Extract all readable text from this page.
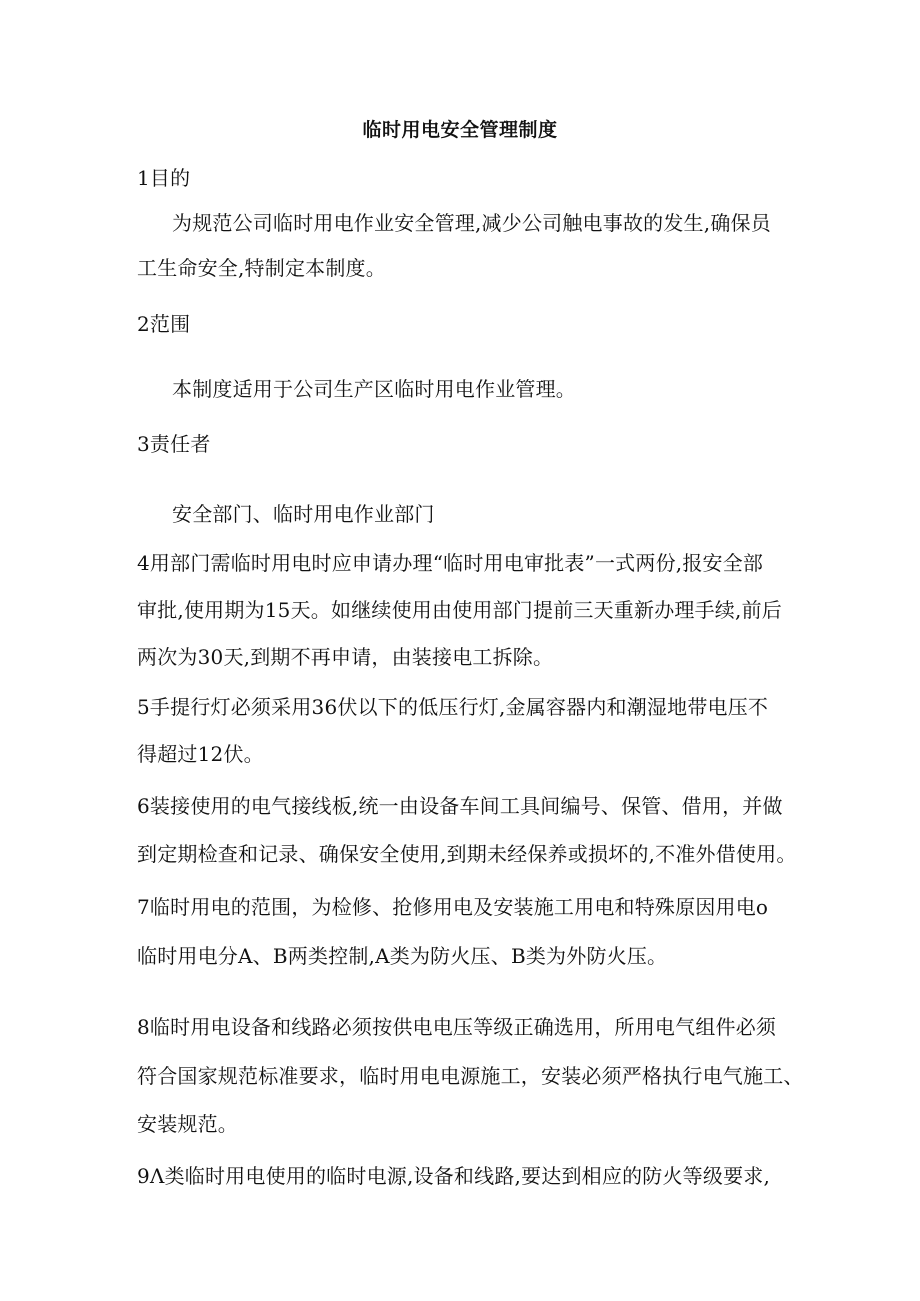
临时用电安全管理制度
1目的
为规范公司临时用电作业安全管理,减少公司触电事故的发生,确保员
工生命安全,特制定本制度。
2范围
本制度适用于公司生产区临时用电作业管理。
3责任者
安全部门、临时用电作业部门
4用部门需临时用电时应申请办理“临时用电审批表”一式两份,报安全部
审批,使用期为15天。如继续使用由使用部门提前三天重新办理手续,前后
两次为30天,到期不再申请，由装接电工拆除。
5手提行灯必须采用36伏以下的低压行灯,金属容器内和潮湿地带电压不
得超过12伏。
6装接使用的电气接线板,统一由设备车间工具间编号、保管、借用，并做
到定期检查和记录、确保安全使用,到期未经保养或损坏的,不准外借使用。
7临时用电的范围，为检修、抢修用电及安装施工用电和特殊原因用电o
临时用电分A、B两类控制,A类为防火压、B类为外防火压。
8临时用电设备和线路必须按供电电压等级正确选用，所用电气组件必须
符合国家规范标准要求，临时用电电源施工，安装必须严格执行电气施工、
安装规范。
9Λ类临时用电使用的临时电源,设备和线路,要达到相应的防火等级要求,
